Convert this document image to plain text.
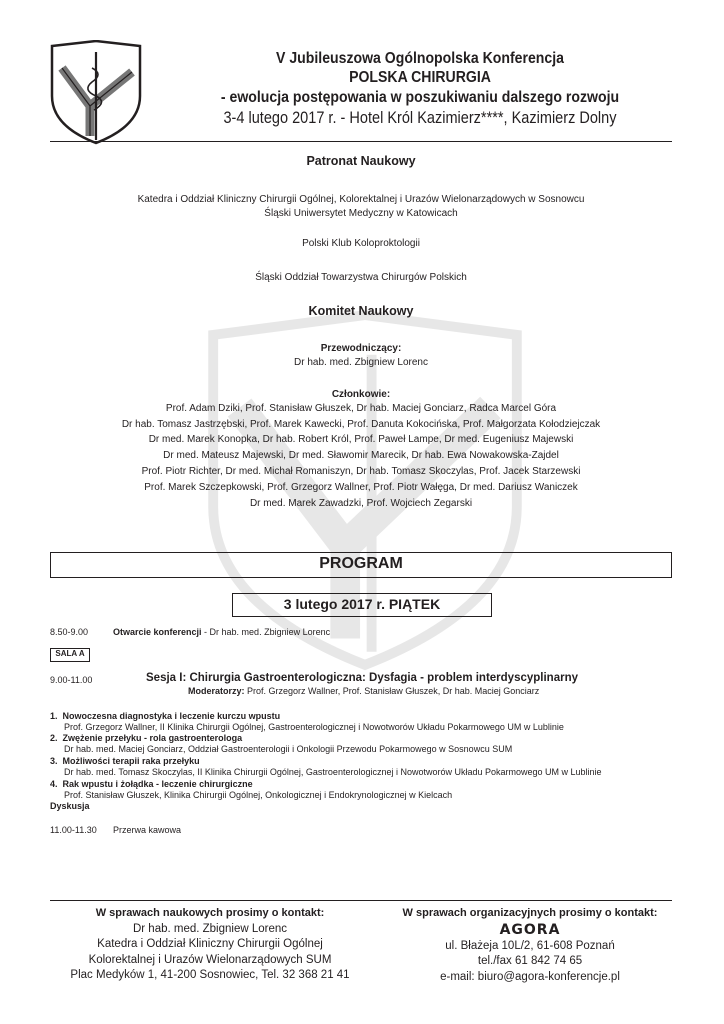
V Jubileuszowa Ogólnopolska Konferencja
POLSKA CHIRURGIA
- ewolucja postępowania w poszukiwaniu dalszego rozwoju
3-4 lutego 2017 r. - Hotel Król Kazimierz****, Kazimierz Dolny
Patronat Naukowy
Katedra i Oddział Kliniczny Chirurgii Ogólnej, Kolorektalnej i Urazów Wielonarządowych w Sosnowcu
Śląski Uniwersytet Medyczny w Katowicach
Polski Klub Koloproktologii
Śląski Oddział Towarzystwa Chirurgów Polskich
Komitet Naukowy
Przewodniczący:
Dr hab. med. Zbigniew Lorenc
Członkowie:
Prof. Adam Dziki, Prof. Stanisław Głuszek, Dr hab. Maciej Gonciarz, Radca Marcel Góra
Dr hab. Tomasz Jastrzębski, Prof. Marek Kawecki, Prof. Danuta Kokocińska, Prof. Małgorzata Kołodziejczak
Dr med. Marek Konopka, Dr hab. Robert Król, Prof. Paweł Lampe, Dr med. Eugeniusz Majewski
Dr med. Mateusz Majewski, Dr med. Sławomir Marecik, Dr hab. Ewa Nowakowska-Zajdel
Prof. Piotr Richter, Dr med. Michał Romaniszyn, Dr hab. Tomasz Skoczylas, Prof. Jacek Starzewski
Prof. Marek Szczepkowski, Prof. Grzegorz Wallner, Prof. Piotr Wałęga, Dr med. Dariusz Waniczek
Dr med. Marek Zawadzki, Prof. Wojciech Zegarski
PROGRAM
3 lutego 2017 r. PIĄTEK
8.50-9.00	Otwarcie konferencji - Dr hab. med. Zbigniew Lorenc
SALA A
9.00-11.00	Sesja I: Chirurgia Gastroenterologiczna: Dysfagia - problem interdyscyplinarny
Moderatorzy: Prof. Grzegorz Wallner, Prof. Stanisław Głuszek, Dr hab. Maciej Gonciarz
1. Nowoczesna diagnostyka i leczenie kurczu wpustu
Prof. Grzegorz Wallner, II Klinika Chirurgii Ogólnej, Gastroenterologicznej i Nowotworów Układu Pokarmowego UM w Lublinie
2. Zwężenie przełyku - rola gastroenterologa
Dr hab. med. Maciej Gonciarz, Oddział Gastroenterologii i Onkologii Przewodu Pokarmowego w Sosnowcu SUM
3. Możliwości terapii raka przełyku
Dr hab. med. Tomasz Skoczylas, II Klinika Chirurgii Ogólnej, Gastroenterologicznej i Nowotworów Układu Pokarmowego UM w Lublinie
4. Rak wpustu i żołądka - leczenie chirurgiczne
Prof. Stanisław Głuszek, Klinika Chirurgii Ogólnej, Onkologicznej i Endokrynologicznej w Kielcach
Dyskusja
11.00-11.30 Przerwa kawowa
W sprawach naukowych prosimy o kontakt:
Dr hab. med. Zbigniew Lorenc
Katedra i Oddział Kliniczny Chirurgii Ogólnej
Kolorektalnej i Urazów Wielonarządowych SUM
Plac Medyków 1, 41-200 Sosnowiec, Tel. 32 368 21 41
W sprawach organizacyjnych prosimy o kontakt:
AGORA
ul. Błażeja 10L/2, 61-608 Poznań
tel./fax 61 842 74 65
e-mail: biuro@agora-konferencje.pl
